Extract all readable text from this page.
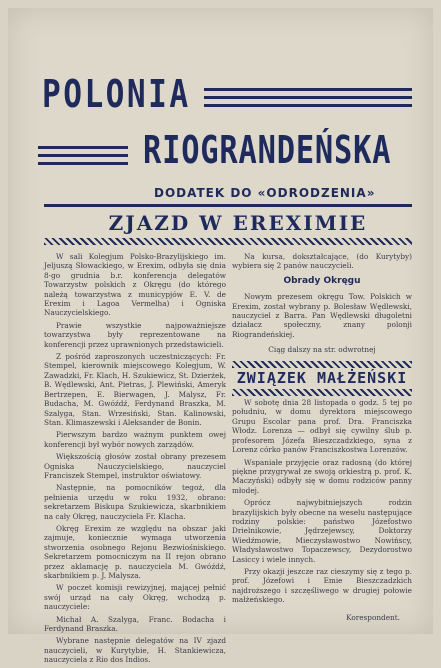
POLONIA
RIOGRANDEŃSKA
DODATEK DO «ODRODZENIA»
ZJAZD W EREXIMIE

W sali Kolegjum Polsko-Brazylijskiego im. Jeljuszą Słowackiego, w Erexim, odbyła się dnia 8-go grudnia b.r. konferencja delegatów Towarzystw polskich z Okręgu (do którego należą towarzystwa z municypjów E. V. de Erexim i Lagoa Vermelha) i Ogniska Nauczycielskiego.

Prawie wszystkie najpoważniejsze towarzystwa były reprezentowane na konferencji przez uprawnionych przedstawicieli.

Z pośród zaproszonych uczestniczących: Fr. Stempel, kierownik miejscowego Kolegjum, W. Zawadzki, Fr. Klach, H. Szukiewicz, St. Dzierżek, B. Wędlewski, Ant. Pietras, J. Plewiński, Ameryk Bertrzepen, E. Bierwagen, J. Malysz, Fr. Budacha, M. Gwóźdź, Ferdynand Braszka, M. Szalyga, Stan. Wrzesiński, Stan. Kalinowski, Stan. Klimaszewski i Aleksander de Bonin.

Pierwszym bardzo ważnym punktem owej konferencji był wybór nowych zarządów.

Większością głosów został obrany prezesem Ogniska Nauczycielskiego, nauczyciel Franciszek Stempel, instruktor oświatowy.

Następnie, na pomocników tegoż, dla pełnienia urzędu w roku 1932, obrano: sekretarzem Biskupa Szukiewicza, skarbnikiem na cały Okręg, nauczyciela Fr. Klacha.

Okręg Erexim ze względu na obszar jaki zajmuje, koniecznie wymaga utworzenia stworzenia osobnego Rejonu Bezwiośniskiego. Sekretarzem pomocniczym na II rejon obrano przez aklamację p. nauczyciela M. Gwóźdź, skarbnikiem p. J. Malysza.

W poczet komisji rewizyjnej, mającej pełnić swój urząd na cały Okręg, wchodzą p. nauczyciele:

Michał A. Szalyga, Franc. Bodacha i Ferdynand Braszka.

Wybrane następnie delegatów na IV zjazd nauczycieli, w Kurytybie, H. Stankiewicza, nauczyciela z Rio dos Indios.

Na kursa, dokształcające, (do Kurytyby) wybiera się 2 panów nauczycieli.

Obrady Okręgu

Nowym prezesem okręgu Tow. Polskich w Erexim, został wybrany p. Bolesław Wędlewski, nauczyciel z Barra. Pan Wędlewski długoletni działacz społeczny, znany polonji Riograndeńskiej.

Ciąg dalszy na str. odwrotnej
ZWIĄZEK MAŁŻEŃSKI

W sobotę dnia 28 listopada o godz. 5 tej po południu, w domu dyrektora miejscowego Grupu Escolar pana prof. Dra. Franciszka Włodz. Lorenza — odbył się cywilny ślub p. profesorem Józefa Bieszczadzkiego, syna z Lorenz córko panów Franciszkostwa Lorenzów.

Wspaniałe przyjęcie oraz radosną (do której piękne przygrywał ze swoją orkiestrą p. prof. K. Maczyński) odbyły się w domu rodziców panny młodej.

Oprócz najwybitniejszych rodzin brazylijskich były obecne na weselu następujące rodziny polskie: państwo Józefostwo Drielnikowie, Jędrzejewscy, Doktorzy Wiedźmowie, Mieczysławostwo Nowińscy, Władysławostwo Topaczewscy, Dezydorostwo Lasiccy i wiele innych.

Przy okazji jeszcze raz cieszymy się z tego p. prof. Józefowi i Emie Bieszczadzkich najdroższego i szczęśliwego w drugiej połowie małżeńskiego.

Korespondent.
